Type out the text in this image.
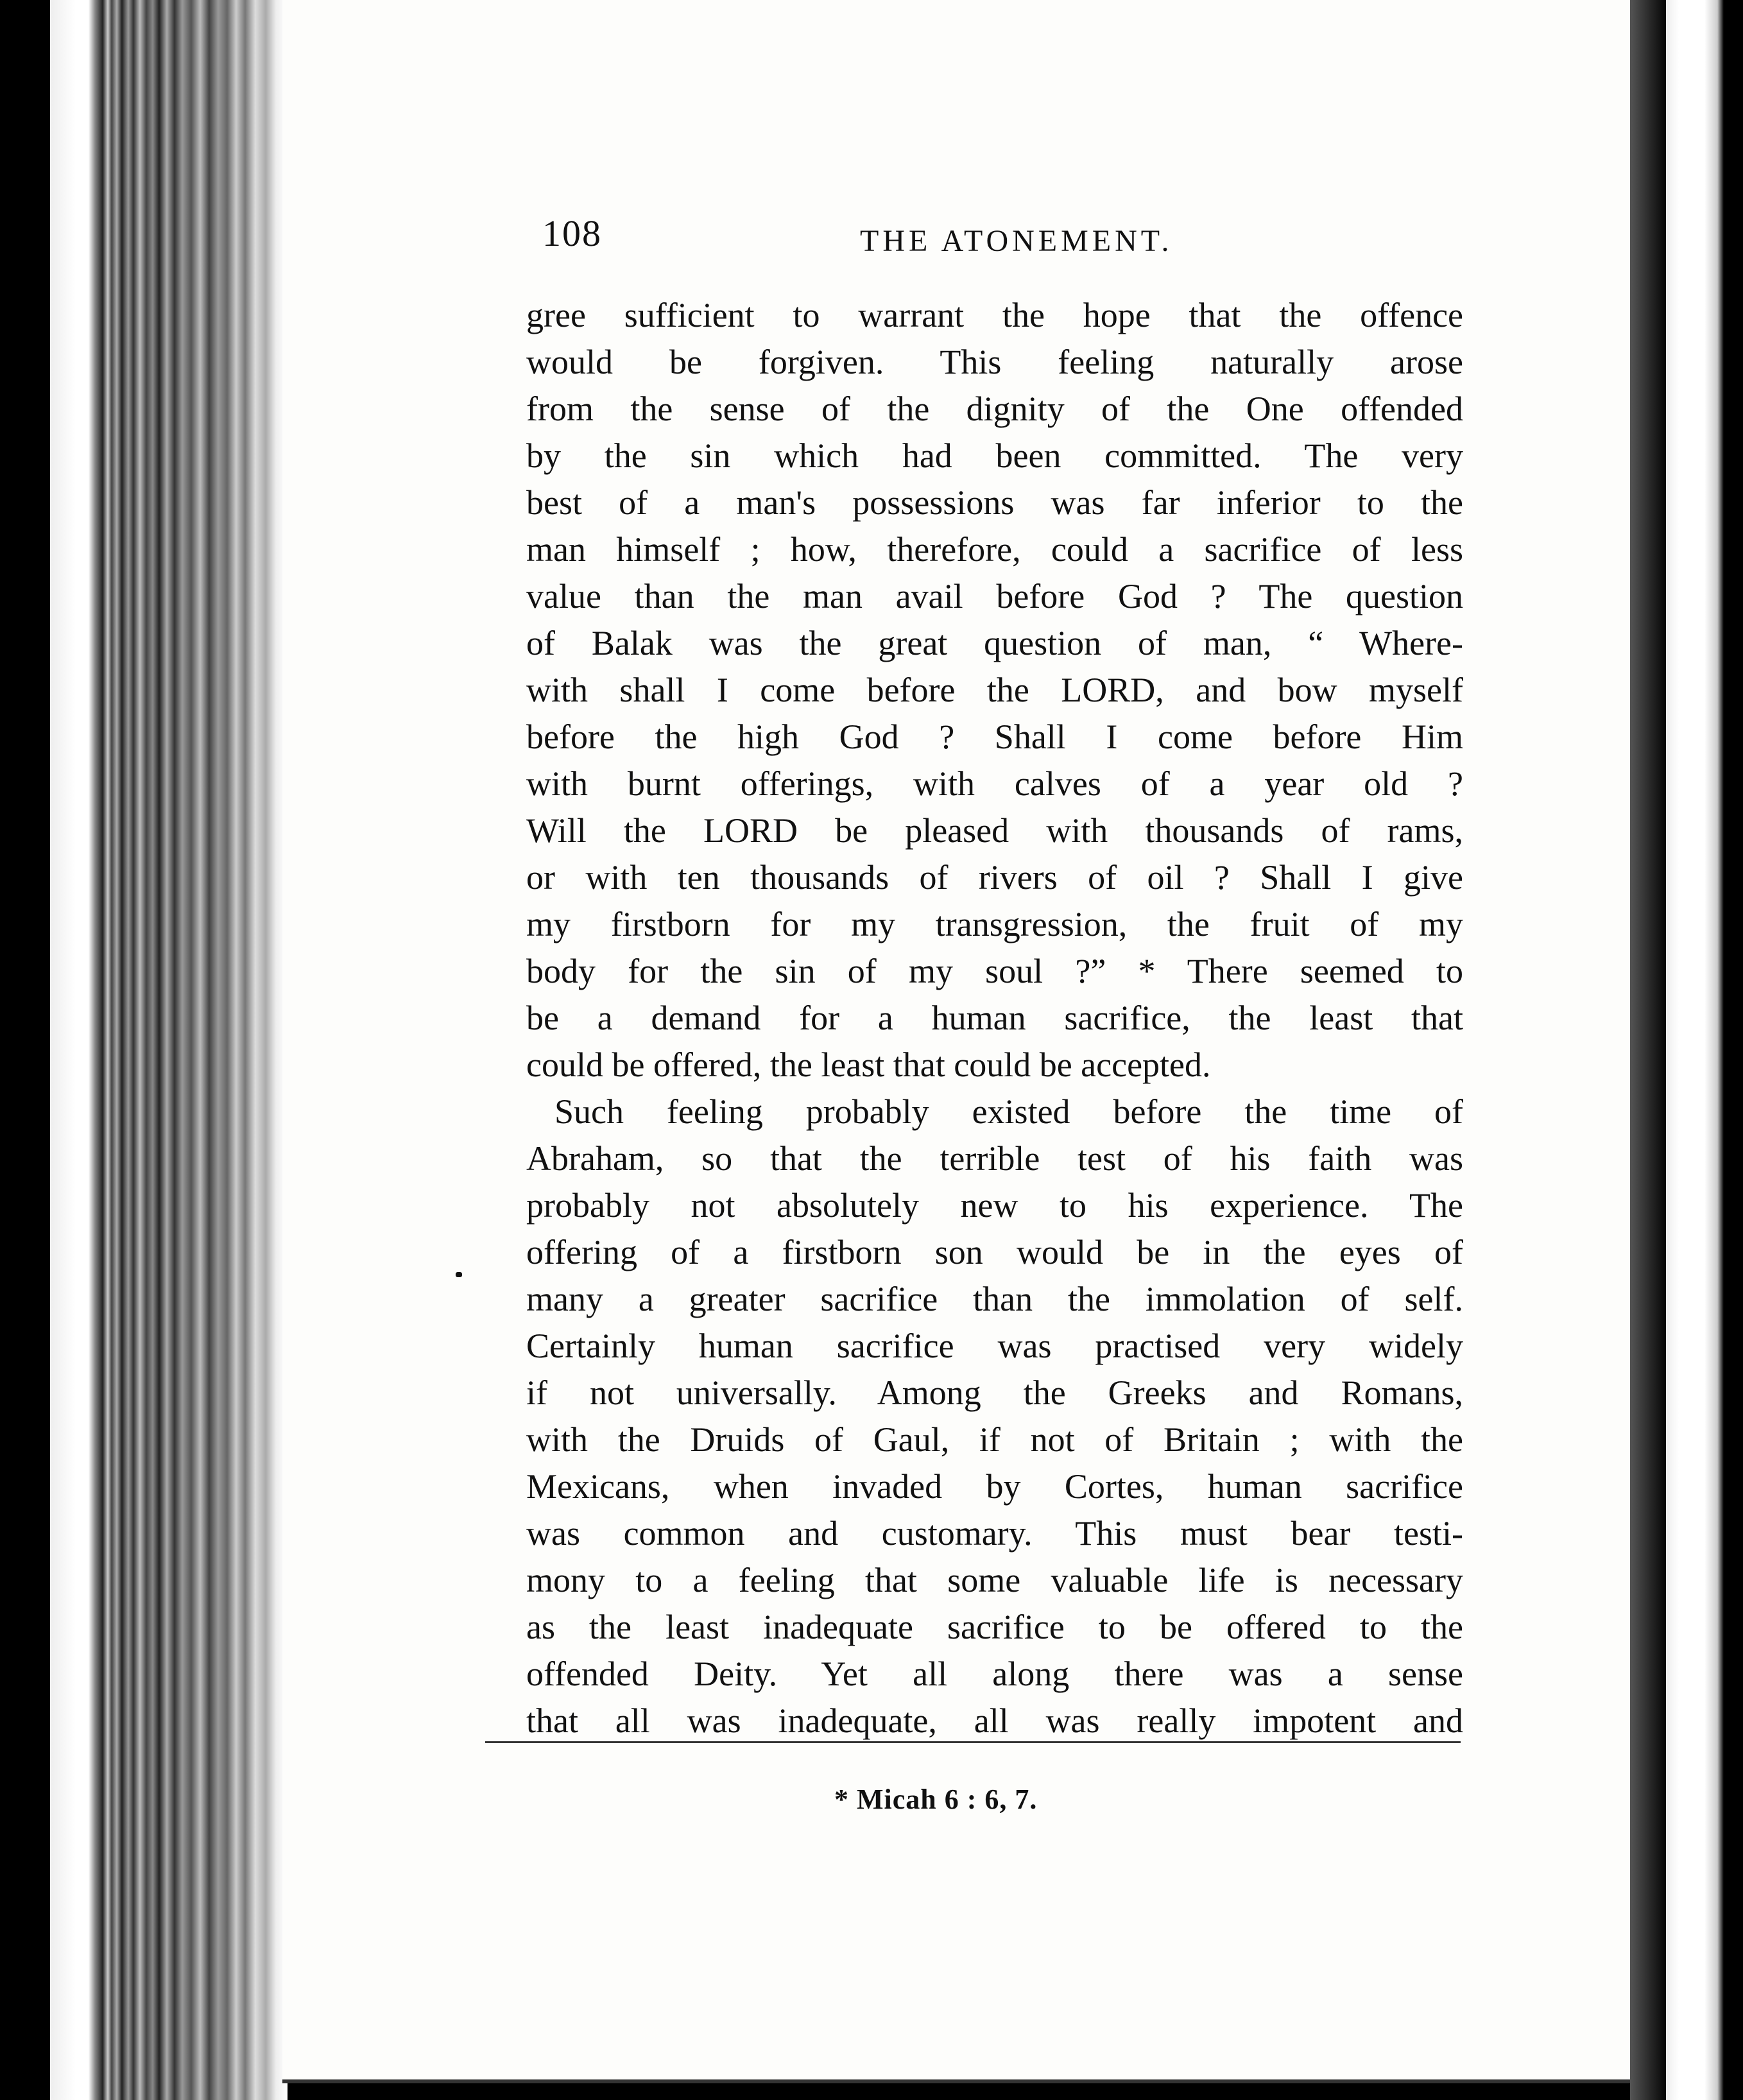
108	THE ATONEMENT.
gree sufficient to warrant the hope that the offence
would be forgiven. This feeling naturally arose
from the sense of the dignity of the One offended
by the sin which had been committed. The very
best of a man's possessions was far inferior to the
man himself ; how, therefore, could a sacrifice of less
value than the man avail before God ? The question
of Balak was the great question of man, “ Where-
with shall I come before the LORD, and bow myself
before the high God ? Shall I come before Him
with burnt offerings, with calves of a year old ?
Will the LORD be pleased with thousands of rams,
or with ten thousands of rivers of oil ? Shall I give
my firstborn for my transgression, the fruit of my
body for the sin of my soul ?” * There seemed to
be a demand for a human sacrifice, the least that
could be offered, the least that could be accepted.
Such feeling probably existed before the time of
Abraham, so that the terrible test of his faith was
probably not absolutely new to his experience. The
offering of a firstborn son would be in the eyes of
many a greater sacrifice than the immolation of self.
Certainly human sacrifice was practised very widely
if not universally. Among the Greeks and Romans,
with the Druids of Gaul, if not of Britain ; with the
Mexicans, when invaded by Cortes, human sacrifice
was common and customary. This must bear testi-
mony to a feeling that some valuable life is necessary
as the least inadequate sacrifice to be offered to the
offended Deity. Yet all along there was a sense
that all was inadequate, all was really impotent and
* Micah 6 : 6, 7.
